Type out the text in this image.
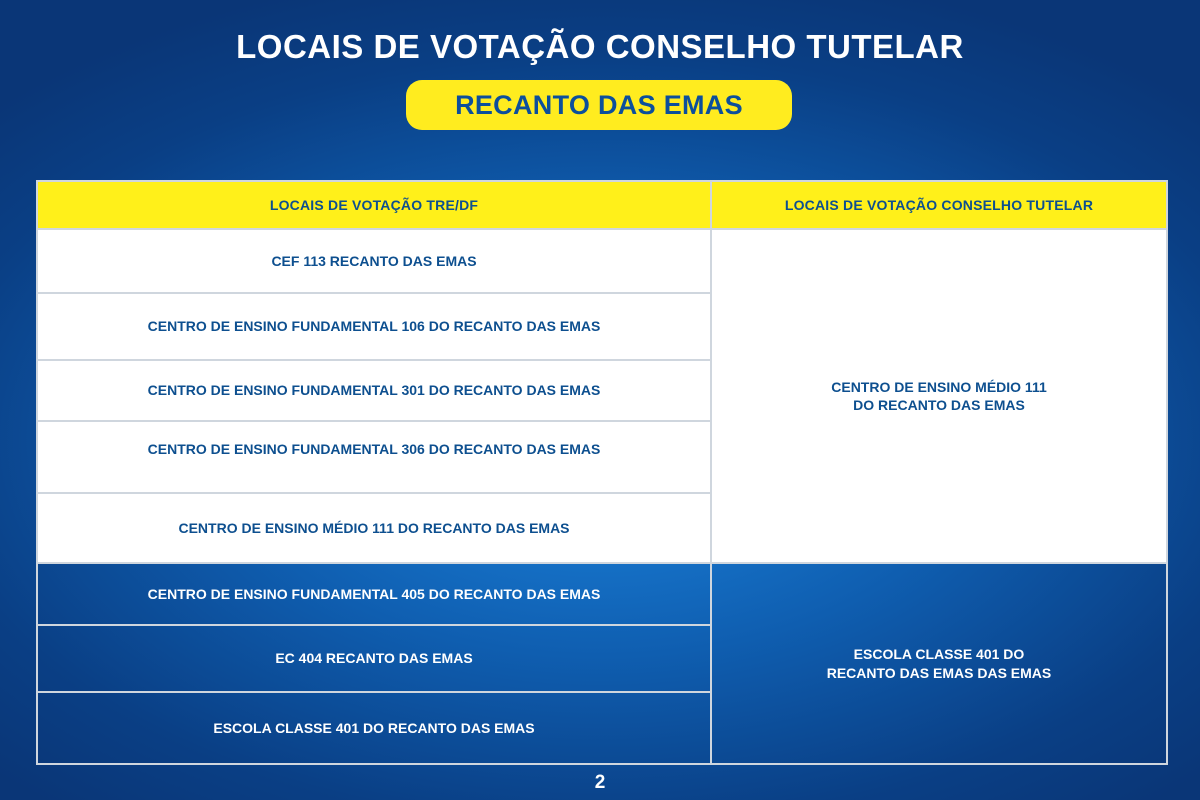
LOCAIS DE VOTAÇÃO CONSELHO TUTELAR
RECANTO DAS EMAS
LOCAIS DE VOTAÇÃO TRE/DF	LOCAIS DE VOTAÇÃO CONSELHO TUTELAR
CEF 113 RECANTO DAS EMAS	CENTRO DE ENSINO MÉDIO 111
DO RECANTO DAS EMAS
CENTRO DE ENSINO FUNDAMENTAL 106 DO RECANTO DAS EMAS	
CENTRO DE ENSINO FUNDAMENTAL 301 DO RECANTO DAS EMAS	
CENTRO DE ENSINO FUNDAMENTAL 306 DO RECANTO DAS EMAS	
CENTRO DE ENSINO MÉDIO 111 DO RECANTO DAS EMAS	
CENTRO DE ENSINO FUNDAMENTAL 405 DO RECANTO DAS EMAS	ESCOLA CLASSE 401 DO
RECANTO DAS EMAS DAS EMAS
EC 404 RECANTO DAS EMAS	
ESCOLA CLASSE 401 DO RECANTO DAS EMAS	
2
